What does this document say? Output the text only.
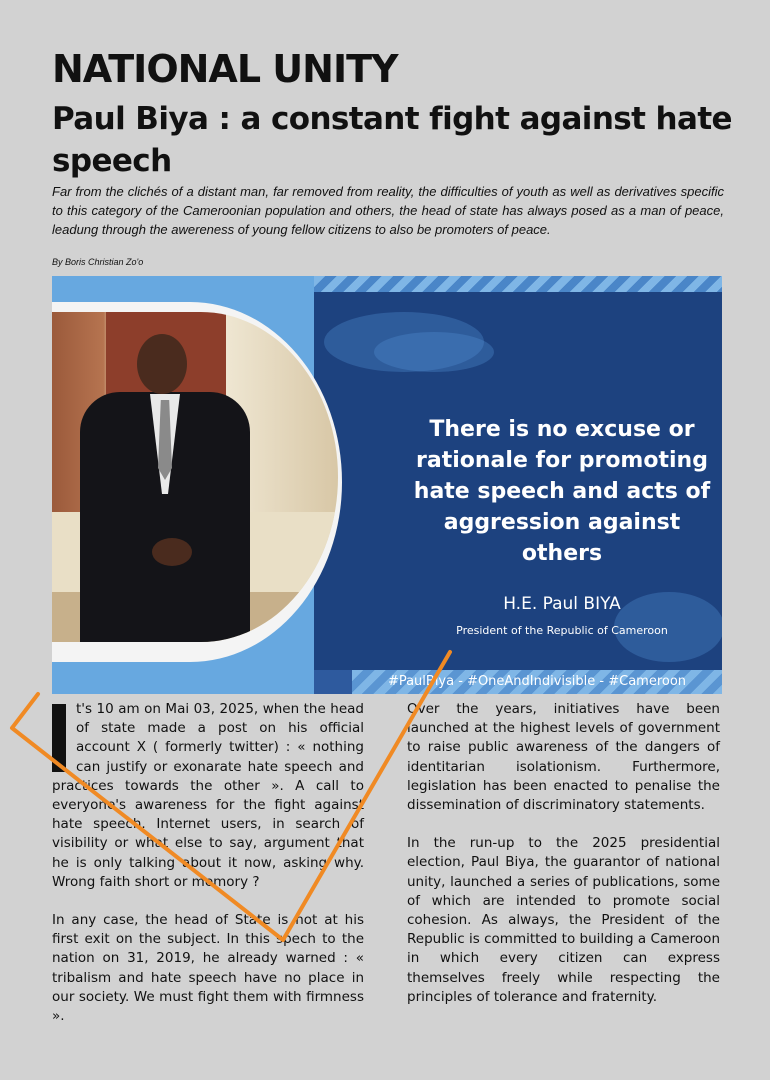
NATIONAL UNITY
Paul Biya : a constant fight against hate speech

Far from the clichés of a distant man, far removed from reality, the difficulties of youth as well as derivatives specific to this category of the Cameroonian population and others, the head of state has always posed as a man of peace, leadung through the awereness of young fellow citizens to also be promoters of peace.

By Boris Christian Zo'o

There is no excuse or rationale for promoting hate speech and acts of aggression against others

H.E. Paul BIYA

President of the Republic of Cameroon

#PaulBiya - #OneAndIndivisible - #Cameroon

t's 10 am on Mai 03, 2025, when the head of state made a post on his official account X ( formerly twitter) : « nothing can justify or exonarate hate speech and practices towards the other ». A call to everyone's awareness for the fight against hate speech. Internet users, in search of visibility or what else to say, argument that he is only talking about it now, asking why. Wrong faith short or memory ?

In any case, the head of State is not at his first exit on the subject. In this spech to the nation on 31, 2019, he already warned : « tribalism and hate speech have no place in our society. We must fight them with firmness ».

Over the years, initiatives have been launched at the highest levels of government to raise public awareness of the dangers of identitarian isolationism. Furthermore, legislation has been enacted to penalise the dissemination of discriminatory statements.

In the run-up to the 2025 presidential election, Paul Biya, the guarantor of national unity, launched a series of publications, some of which are intended to promote social cohesion. As always, the President of the Republic is committed to building a Cameroon in which every citizen can express themselves freely while respecting the principles of tolerance and fraternity.
